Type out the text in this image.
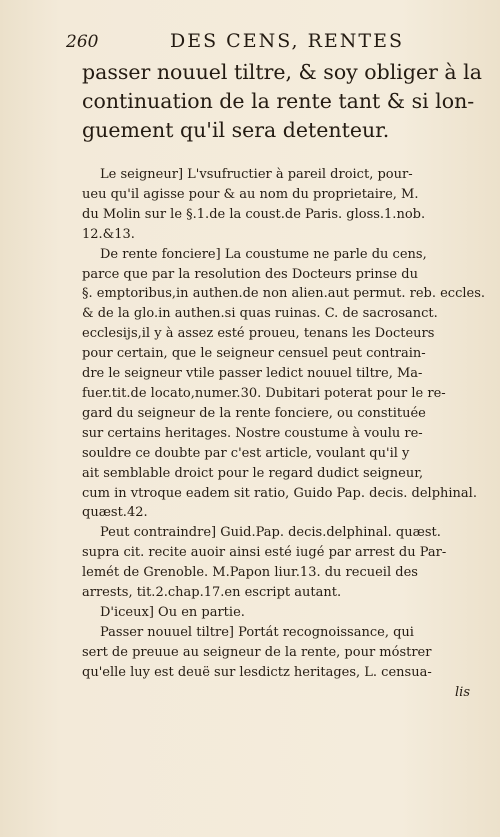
260	DES CENS, RENTES
passer nouuel tiltre, & soy obliger à la
continuation de la rente tant & si lon-
guement qu'il sera detenteur.
Le seigneur] L'vsufructier à pareil droict, pour-
ueu qu'il agisse pour & au nom du proprietaire, M.
du Molin sur le §.1.de la coust.de Paris. gloss.1.nob.
12.&13.
De rente fonciere] La coustume ne parle du cens,
parce que par la resolution des Docteurs prinse du
§. emptoribus,in authen.de non alien.aut permut. reb. eccles.
& de la glo.in authen.si quas ruinas. C. de sacrosanct.
ecclesijs,il y à assez esté proueu, tenans les Docteurs
pour certain, que le seigneur censuel peut contrain-
dre le seigneur vtile passer ledict nouuel tiltre, Ma-
fuer.tit.de locato,numer.30. Dubitari poterat pour le re-
gard du seigneur de la rente fonciere, ou constituée
sur certains heritages. Nostre coustume à voulu re-
souldre ce doubte par c'est article, voulant qu'il y
ait semblable droict pour le regard dudict seigneur,
cum in vtroque eadem sit ratio, Guido Pap. decis. delphinal.
quæst.42.
Peut contraindre] Guid.Pap. decis.delphinal. quæst.
supra cit. recite auoir ainsi esté iugé par arrest du Par-
lemét de Grenoble. M.Papon liur.13. du recueil des
arrests, tit.2.chap.17.en escript autant.
D'iceux] Ou en partie.
Passer nouuel tiltre] Portát recognoissance, qui
sert de preuue au seigneur de la rente, pour móstrer
qu'elle luy est deuë sur lesdictz heritages, L. censua-
lis
